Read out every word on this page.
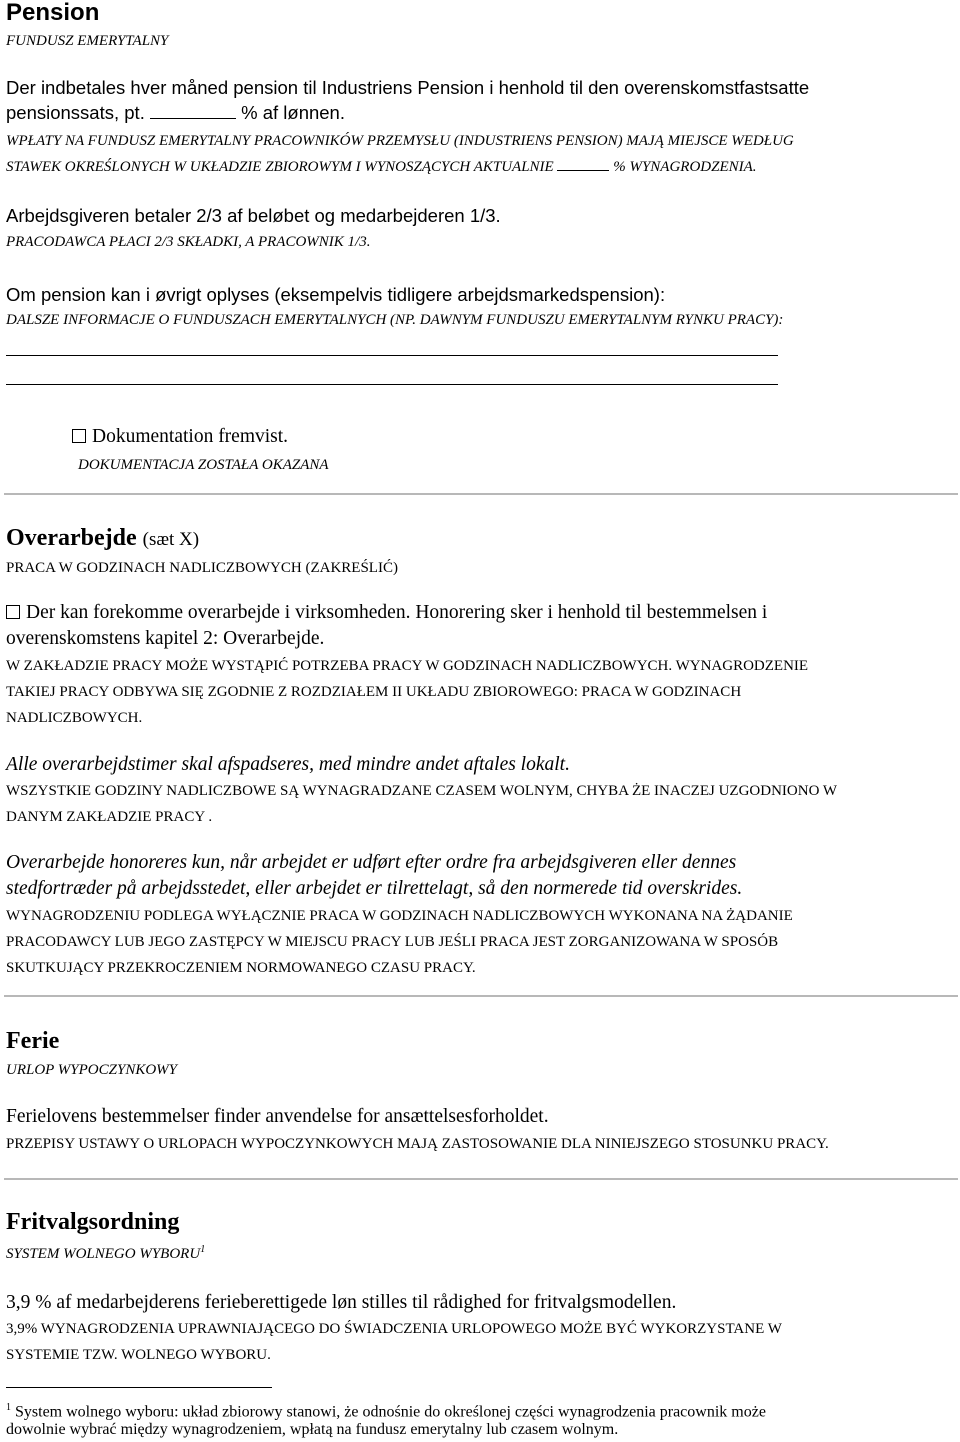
Pension
FUNDUSZ EMERYTALNY
Der indbetales hver måned pension til Industriens Pension i henhold til den overenskomstfastsatte
pensionssats, pt.	% af lønnen.
WPŁATY NA FUNDUSZ EMERYTALNY PRACOWNIKÓW PRZEMYSŁU (INDUSTRIENS PENSION) MAJĄ MIEJSCE WEDŁUG
STAWEK OKREŚLONYCH W UKŁADZIE ZBIOROWYM I WYNOSZĄCYCH AKTUALNIE	% WYNAGRODZENIA.
Arbejdsgiveren betaler 2/3 af beløbet og medarbejderen 1/3.
PRACODAWCA PŁACI 2/3 SKŁADKI, A PRACOWNIK 1/3.
Om pension kan i øvrigt oplyses (eksempelvis tidligere arbejdsmarkedspension):
DALSZE INFORMACJE O FUNDUSZACH EMERYTALNYCH (NP. DAWNYM FUNDUSZU EMERYTALNYM RYNKU PRACY):
Dokumentation fremvist.
DOKUMENTACJA ZOSTAŁA OKAZANA
Overarbejde (sæt X)
PRACA W GODZINACH NADLICZBOWYCH (ZAKREŚLIĆ)
Der kan forekomme overarbejde i virksomheden. Honorering sker i henhold til bestemmelsen i
overenskomstens kapitel 2: Overarbejde.
W ZAKŁADZIE PRACY MOŻE WYSTĄPIĆ POTRZEBA PRACY W GODZINACH NADLICZBOWYCH. WYNAGRODZENIE
TAKIEJ PRACY ODBYWA SIĘ ZGODNIE Z ROZDZIAŁEM II UKŁADU ZBIOROWEGO: PRACA W GODZINACH
NADLICZBOWYCH.
Alle overarbejdstimer skal afspadseres, med mindre andet aftales lokalt.
WSZYSTKIE GODZINY NADLICZBOWE SĄ WYNAGRADZANE CZASEM WOLNYM, CHYBA ŻE INACZEJ UZGODNIONO W
DANYM ZAKŁADZIE PRACY .
Overarbejde honoreres kun, når arbejdet er udført efter ordre fra arbejdsgiveren eller dennes
stedfortræder på arbejdsstedet, eller arbejdet er tilrettelagt, så den normerede tid overskrides.
WYNAGRODZENIU PODLEGA WYŁĄCZNIE PRACA W GODZINACH NADLICZBOWYCH WYKONANA NA ŻĄDANIE
PRACODAWCY LUB JEGO ZASTĘPCY W MIEJSCU PRACY LUB JEŚLI PRACA JEST ZORGANIZOWANA W SPOSÓB
SKUTKUJĄCY PRZEKROCZENIEM NORMOWANEGO CZASU PRACY.
Ferie
URLOP WYPOCZYNKOWY
Ferielovens bestemmelser finder anvendelse for ansættelsesforholdet.
PRZEPISY USTAWY O URLOPACH WYPOCZYNKOWYCH MAJĄ ZASTOSOWANIE DLA NINIEJSZEGO STOSUNKU PRACY.
Fritvalgsordning
SYSTEM WOLNEGO WYBORU$^1$
3,9 % af medarbejderens ferieberettigede løn stilles til rådighed for fritvalgsmodellen.
3,9% WYNAGRODZENIA UPRAWNIAJĄCEGO DO ŚWIADCZENIA URLOPOWEGO MOŻE BYĆ WYKORZYSTANE W
SYSTEMIE TZW. WOLNEGO WYBORU.
$^1$ System wolnego wyboru: układ zbiorowy stanowi, że odnośnie do określonej części wynagrodzenia pracownik może
dowolnie wybrać między wynagrodzeniem, wpłatą na fundusz emerytalny lub czasem wolnym.
